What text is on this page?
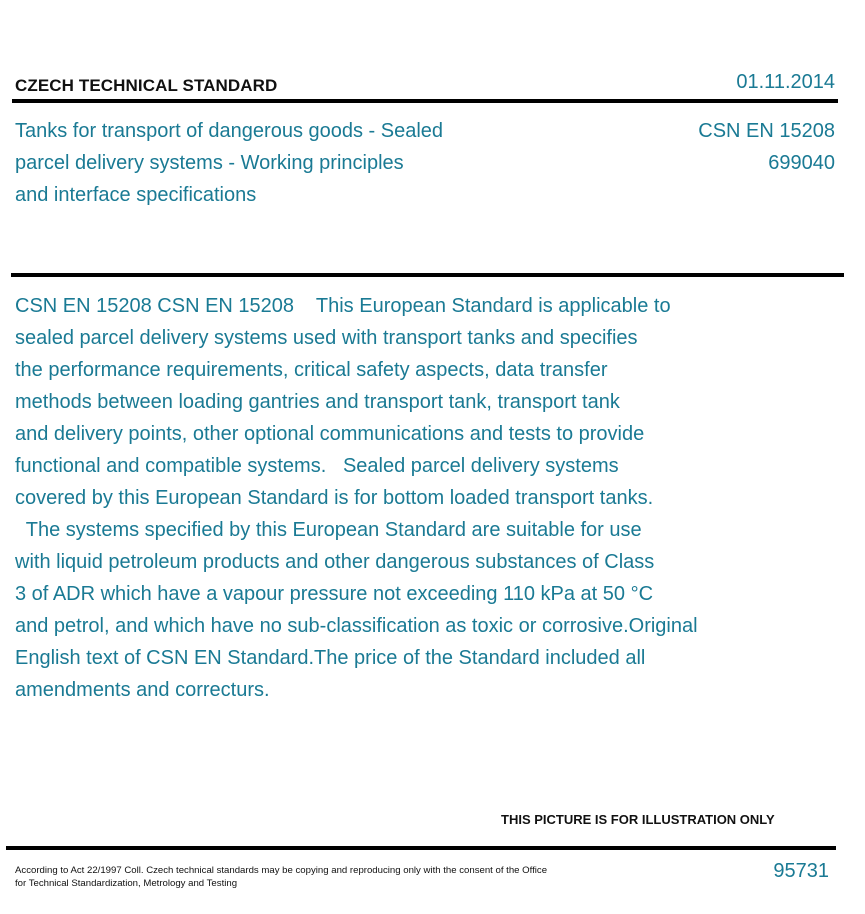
CZECH TECHNICAL STANDARD	01.11.2014
Tanks for transport of dangerous goods - Sealed
parcel delivery systems - Working principles
and interface specifications
CSN EN 15208
699040
CSN EN 15208 CSN EN 15208    This European Standard is applicable to
sealed parcel delivery systems used with transport tanks and specifies
the performance requirements, critical safety aspects, data transfer
methods between loading gantries and transport tank, transport tank
and delivery points, other optional communications and tests to provide
functional and compatible systems.   Sealed parcel delivery systems
covered by this European Standard is for bottom loaded transport tanks.
The systems specified by this European Standard are suitable for use
with liquid petroleum products and other dangerous substances of Class
3 of ADR which have a vapour pressure not exceeding 110 kPa at 50 °C
and petrol, and which have no sub-classification as toxic or corrosive.Original
English text of CSN EN Standard.The price of the Standard included all
amendments and correcturs.
THIS PICTURE IS FOR ILLUSTRATION ONLY
According to Act 22/1997 Coll. Czech technical standards may be copying and reproducing only with the consent of the Office
for Technical Standardization, Metrology and Testing
95731
